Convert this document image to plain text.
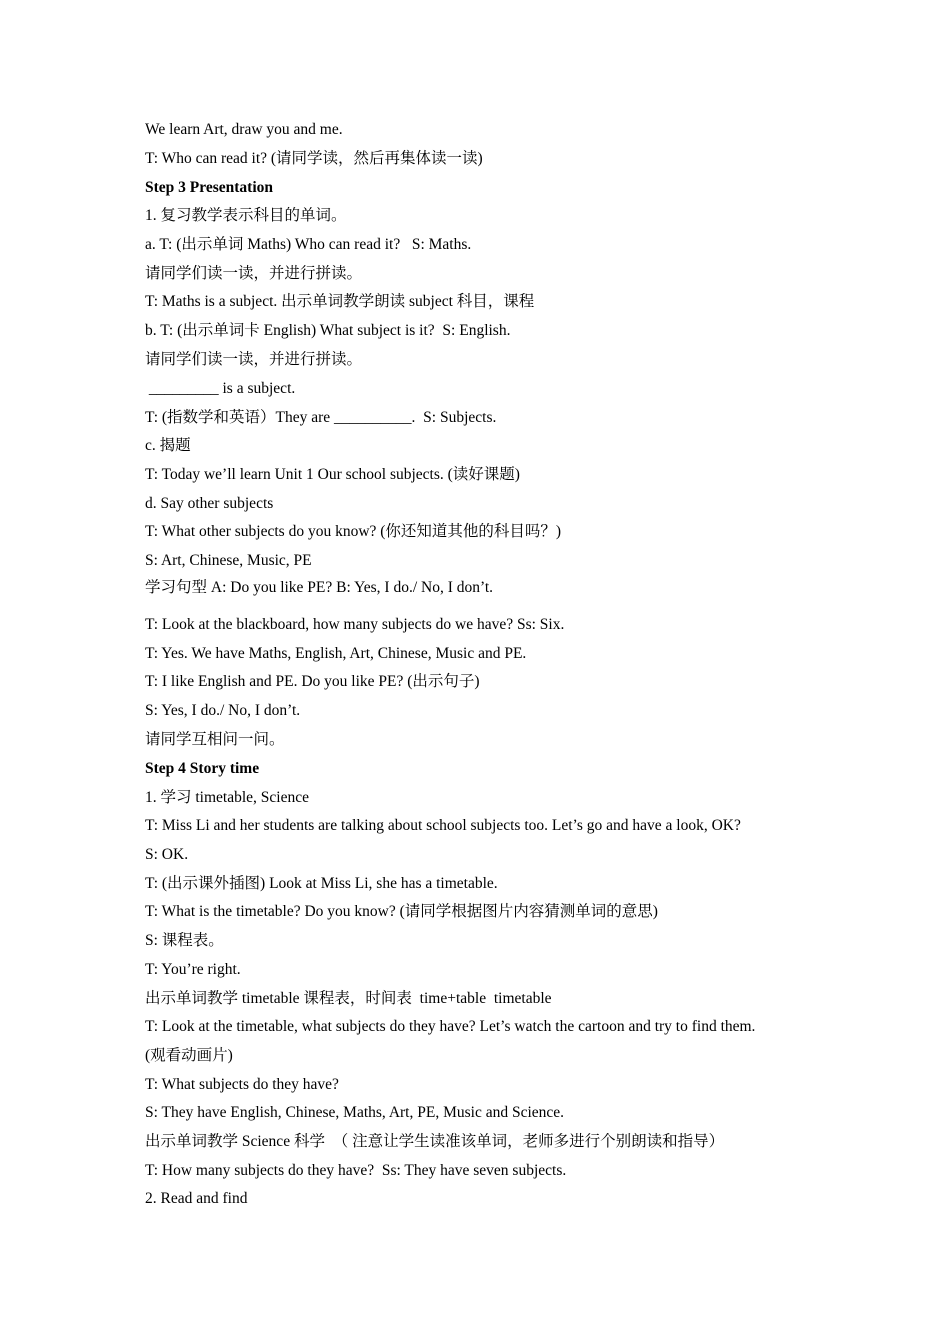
We learn Art, draw you and me.
T: Who can read it? (请同学读，然后再集体读一读)
Step 3 Presentation
1. 复习教学表示科目的单词。
a. T: (出示单词 Maths) Who can read it?   S: Maths.
请同学们读一读，并进行拼读。
T: Maths is a subject. 出示单词教学朗读 subject 科目，课程
b. T: (出示单词卡 English) What subject is it?  S: English.
请同学们读一读，并进行拼读。
_________ is a subject.
T: (指数学和英语）They are __________.  S: Subjects.
c. 揭题
T: Today we’ll learn Unit 1 Our school subjects. (读好课题)
d. Say other subjects
T: What other subjects do you know? (你还知道其他的科目吗？)
S: Art, Chinese, Music, PE
学习句型 A: Do you like PE? B: Yes, I do./ No, I don’t.
T: Look at the blackboard, how many subjects do we have? Ss: Six.
T: Yes. We have Maths, English, Art, Chinese, Music and PE.
T: I like English and PE. Do you like PE? (出示句子)
S: Yes, I do./ No, I don’t.
请同学互相问一问。
Step 4 Story time
1. 学习 timetable, Science
T: Miss Li and her students are talking about school subjects too. Let’s go and have a look, OK?
S: OK.
T: (出示课外插图) Look at Miss Li, she has a timetable.
T: What is the timetable? Do you know? (请同学根据图片内容猜测单词的意思)
S: 课程表。
T: You’re right.
出示单词教学 timetable 课程表，时间表  time+table  timetable
T: Look at the timetable, what subjects do they have? Let’s watch the cartoon and try to find them.
(观看动画片)
T: What subjects do they have?
S: They have English, Chinese, Maths, Art, PE, Music and Science.
出示单词教学 Science 科学  （ 注意让学生读准该单词，老师多进行个别朗读和指导）
T: How many subjects do they have?  Ss: They have seven subjects.
2. Read and find
